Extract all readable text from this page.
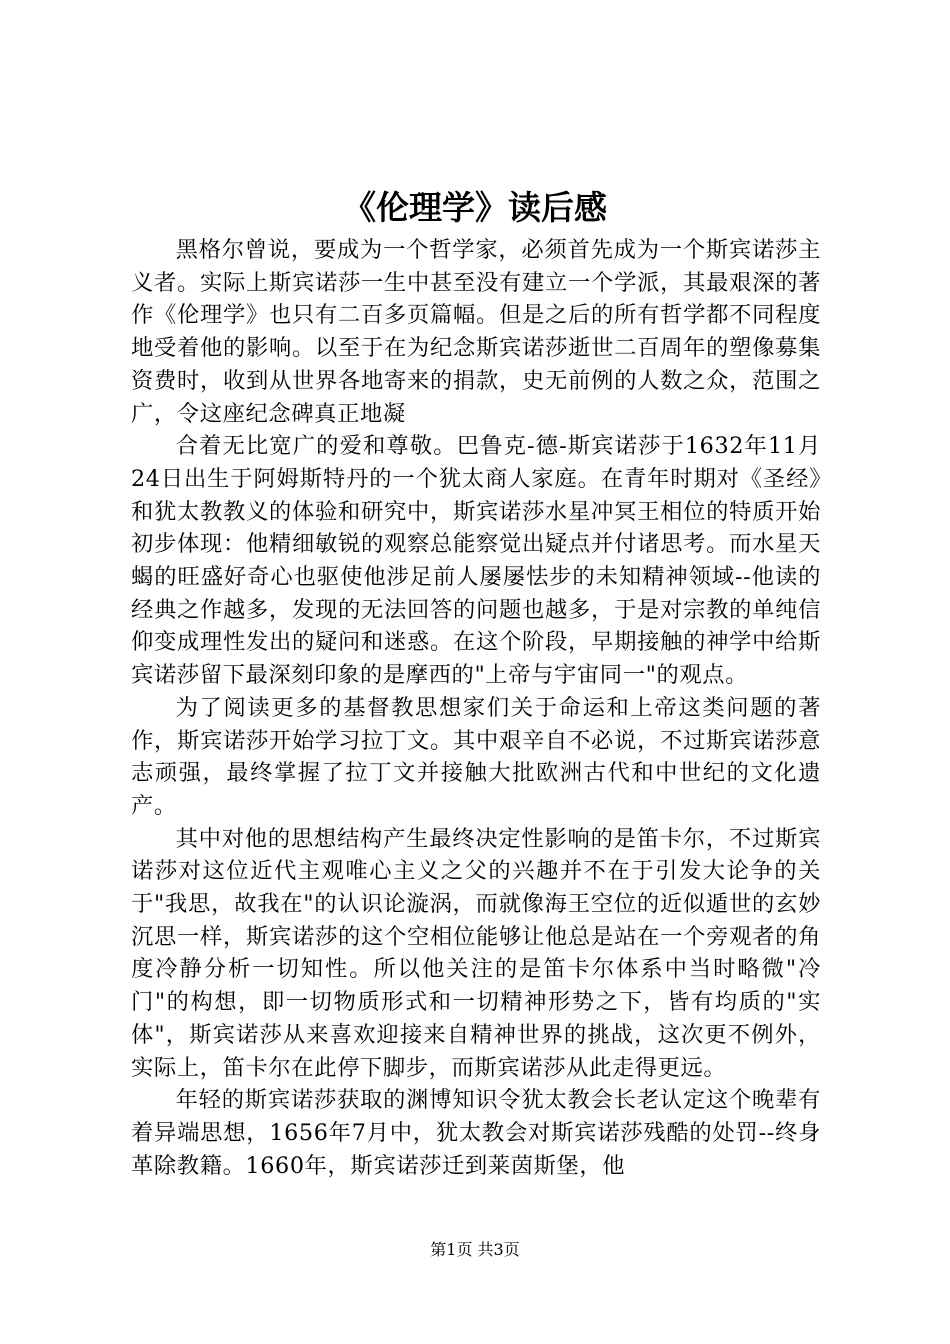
《伦理学》读后感

黑格尔曾说，要成为一个哲学家，必须首先成为一个斯宾诺莎主义者。实际上斯宾诺莎一生中甚至没有建立一个学派，其最艰深的著作《伦理学》也只有二百多页篇幅。但是之后的所有哲学都不同程度地受着他的影响。以至于在为纪念斯宾诺莎逝世二百周年的塑像募集资费时，收到从世界各地寄来的捐款，史无前例的人数之众，范围之广，令这座纪念碑真正地凝

合着无比宽广的爱和尊敬。巴鲁克-德-斯宾诺莎于1632年11月24日出生于阿姆斯特丹的一个犹太商人家庭。在青年时期对《圣经》和犹太教教义的体验和研究中，斯宾诺莎水星冲冥王相位的特质开始初步体现：他精细敏锐的观察总能察觉出疑点并付诸思考。而水星天蝎的旺盛好奇心也驱使他涉足前人屡屡怯步的未知精神领域--他读的经典之作越多，发现的无法回答的问题也越多，于是对宗教的单纯信仰变成理性发出的疑问和迷惑。在这个阶段，早期接触的神学中给斯宾诺莎留下最深刻印象的是摩西的"上帝与宇宙同一"的观点。

为了阅读更多的基督教思想家们关于命运和上帝这类问题的著作，斯宾诺莎开始学习拉丁文。其中艰辛自不必说，不过斯宾诺莎意志顽强，最终掌握了拉丁文并接触大批欧洲古代和中世纪的文化遗产。

其中对他的思想结构产生最终决定性影响的是笛卡尔，不过斯宾诺莎对这位近代主观唯心主义之父的兴趣并不在于引发大论争的关于"我思，故我在"的认识论漩涡，而就像海王空位的近似遁世的玄妙沉思一样，斯宾诺莎的这个空相位能够让他总是站在一个旁观者的角度冷静分析一切知性。所以他关注的是笛卡尔体系中当时略微"冷门"的构想，即一切物质形式和一切精神形势之下，皆有均质的"实体"，斯宾诺莎从来喜欢迎接来自精神世界的挑战，这次更不例外，实际上，笛卡尔在此停下脚步，而斯宾诺莎从此走得更远。

年轻的斯宾诺莎获取的渊博知识令犹太教会长老认定这个晚辈有着异端思想，1656年7月中，犹太教会对斯宾诺莎残酷的处罚--终身革除教籍。1660年，斯宾诺莎迁到莱茵斯堡，他

第1页 共3页
